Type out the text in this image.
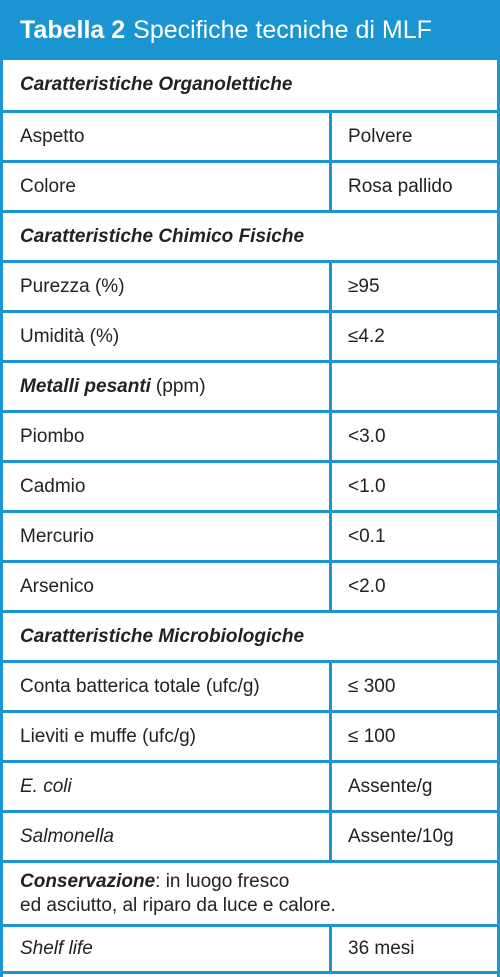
Tabella 2 Specifiche tecniche di MLF
Caratteristiche Organolettiche
Aspetto	Polvere
Colore	Rosa pallido
Caratteristiche Chimico Fisiche
Purezza (%)	≥95
Umidità (%)	≤4.2
Metalli pesanti (ppm)
Piombo	<3.0
Cadmio	<1.0
Mercurio	<0.1
Arsenico	<2.0
Caratteristiche Microbiologiche
Conta batterica totale (ufc/g)	≤ 300
Lieviti e muffe (ufc/g)	≤ 100
E. coli	Assente/g
Salmonella	Assente/10g
Conservazione: in luogo fresco
ed asciutto, al riparo da luce e calore.
Shelf life	36 mesi
